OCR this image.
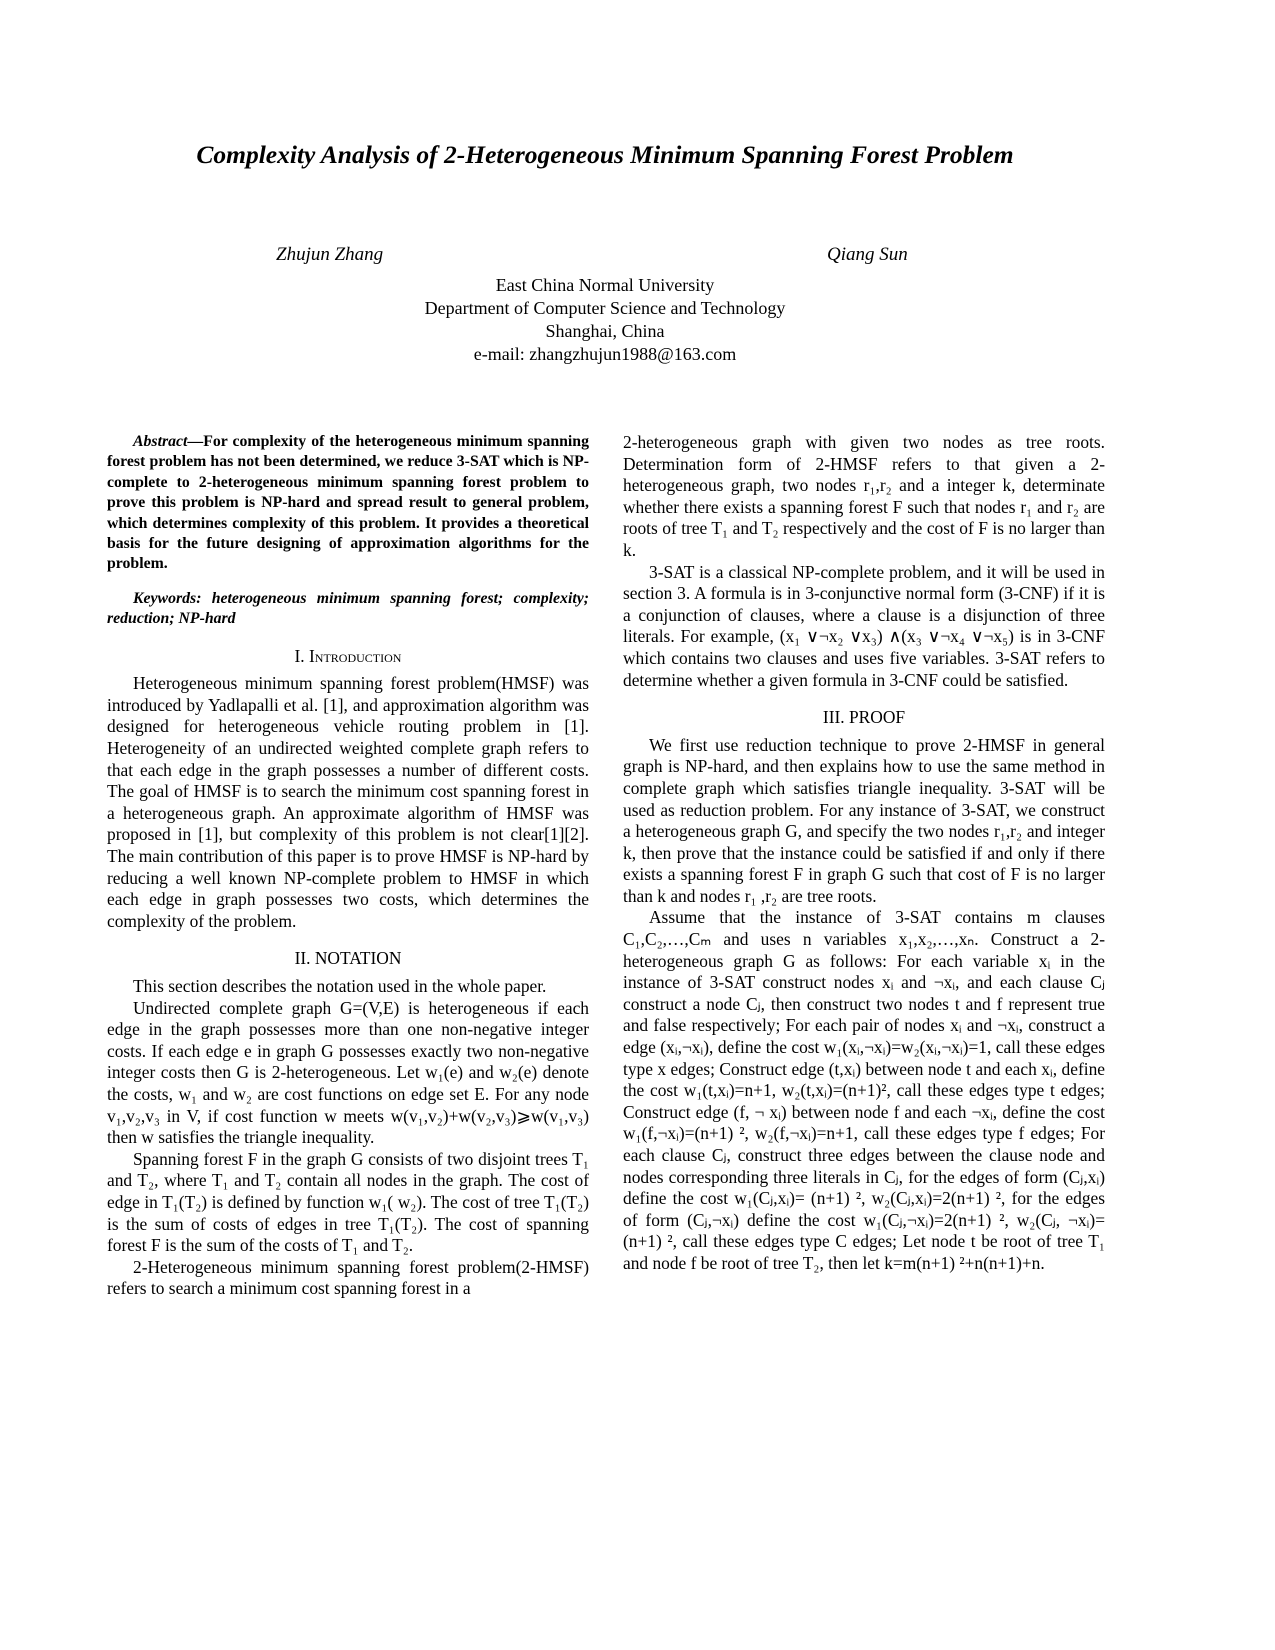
Complexity Analysis of 2-Heterogeneous Minimum Spanning Forest Problem
Zhujun Zhang	Qiang Sun
East China Normal University
Department of Computer Science and Technology
Shanghai, China
e-mail: zhangzhujun1988@163.com

Abstract—For complexity of the heterogeneous minimum spanning forest problem has not been determined, we reduce 3-SAT which is NP-complete to 2-heterogeneous minimum spanning forest problem to prove this problem is NP-hard and spread result to general problem, which determines complexity of this problem. It provides a theoretical basis for the future designing of approximation algorithms for the problem.

Keywords: heterogeneous minimum spanning forest; complexity; reduction; NP-hard

I. Introduction

Heterogeneous minimum spanning forest problem(HMSF) was introduced by Yadlapalli et al. [1], and approximation algorithm was designed for heterogeneous vehicle routing problem in [1]. Heterogeneity of an undirected weighted complete graph refers to that each edge in the graph possesses a number of different costs. The goal of HMSF is to search the minimum cost spanning forest in a heterogeneous graph. An approximate algorithm of HMSF was proposed in [1], but complexity of this problem is not clear[1][2]. The main contribution of this paper is to prove HMSF is NP-hard by reducing a well known NP-complete problem to HMSF in which each edge in graph possesses two costs, which determines the complexity of the problem.

II. NOTATION

This section describes the notation used in the whole paper.

Undirected complete graph G=(V,E) is heterogeneous if each edge in the graph possesses more than one non-negative integer costs. If each edge e in graph G possesses exactly two non-negative integer costs then G is 2-heterogeneous. Let w₁(e) and w₂(e) denote the costs, w₁ and w₂ are cost functions on edge set E. For any node v₁,v₂,v₃ in V, if cost function w meets w(v₁,v₂)+w(v₂,v₃)⩾w(v₁,v₃) then w satisfies the triangle inequality.

Spanning forest F in the graph G consists of two disjoint trees T₁ and T₂, where T₁ and T₂ contain all nodes in the graph. The cost of edge in T₁(T₂) is defined by function w₁( w₂). The cost of tree T₁(T₂) is the sum of costs of edges in tree T₁(T₂). The cost of spanning forest F is the sum of the costs of T₁ and T₂.

2-Heterogeneous minimum spanning forest problem(2-HMSF) refers to search a minimum cost spanning forest in a

2-heterogeneous graph with given two nodes as tree roots. Determination form of 2-HMSF refers to that given a 2-heterogeneous graph, two nodes r₁,r₂ and a integer k, determinate whether there exists a spanning forest F such that nodes r₁ and r₂ are roots of tree T₁ and T₂ respectively and the cost of F is no larger than k.

3-SAT is a classical NP-complete problem, and it will be used in section 3. A formula is in 3-conjunctive normal form (3-CNF) if it is a conjunction of clauses, where a clause is a disjunction of three literals. For example, (x₁ ∨¬x₂ ∨x₃) ∧(x₃ ∨¬x₄ ∨¬x₅) is in 3-CNF which contains two clauses and uses five variables. 3-SAT refers to determine whether a given formula in 3-CNF could be satisfied.

III. PROOF

We first use reduction technique to prove 2-HMSF in general graph is NP-hard, and then explains how to use the same method in complete graph which satisfies triangle inequality. 3-SAT will be used as reduction problem. For any instance of 3-SAT, we construct a heterogeneous graph G, and specify the two nodes r₁,r₂ and integer k, then prove that the instance could be satisfied if and only if there exists a spanning forest F in graph G such that cost of F is no larger than k and nodes r₁ ,r₂ are tree roots.

Assume that the instance of 3-SAT contains m clauses C₁,C₂,…,Cₘ and uses n variables x₁,x₂,…,xₙ. Construct a 2-heterogeneous graph G as follows: For each variable xᵢ in the instance of 3-SAT construct nodes xᵢ and ¬xᵢ, and each clause Cⱼ construct a node Cⱼ, then construct two nodes t and f represent true and false respectively; For each pair of nodes xᵢ and ¬xᵢ, construct a edge (xᵢ,¬xᵢ), define the cost w₁(xᵢ,¬xᵢ)=w₂(xᵢ,¬xᵢ)=1, call these edges type x edges; Construct edge (t,xᵢ) between node t and each xᵢ, define the cost w₁(t,xᵢ)=n+1, w₂(t,xᵢ)=(n+1)², call these edges type t edges; Construct edge (f, ¬ xᵢ) between node f and each ¬xᵢ, define the cost w₁(f,¬xᵢ)=(n+1) ², w₂(f,¬xᵢ)=n+1, call these edges type f edges; For each clause Cⱼ, construct three edges between the clause node and nodes corresponding three literals in Cⱼ, for the edges of form (Cⱼ,xᵢ) define the cost w₁(Cⱼ,xᵢ)= (n+1) ², w₂(Cⱼ,xᵢ)=2(n+1) ², for the edges of form (Cⱼ,¬xᵢ) define the cost w₁(Cⱼ,¬xᵢ)=2(n+1) ², w₂(Cⱼ, ¬xᵢ)=(n+1) ², call these edges type C edges; Let node t be root of tree T₁ and node f be root of tree T₂, then let k=m(n+1) ²+n(n+1)+n.
